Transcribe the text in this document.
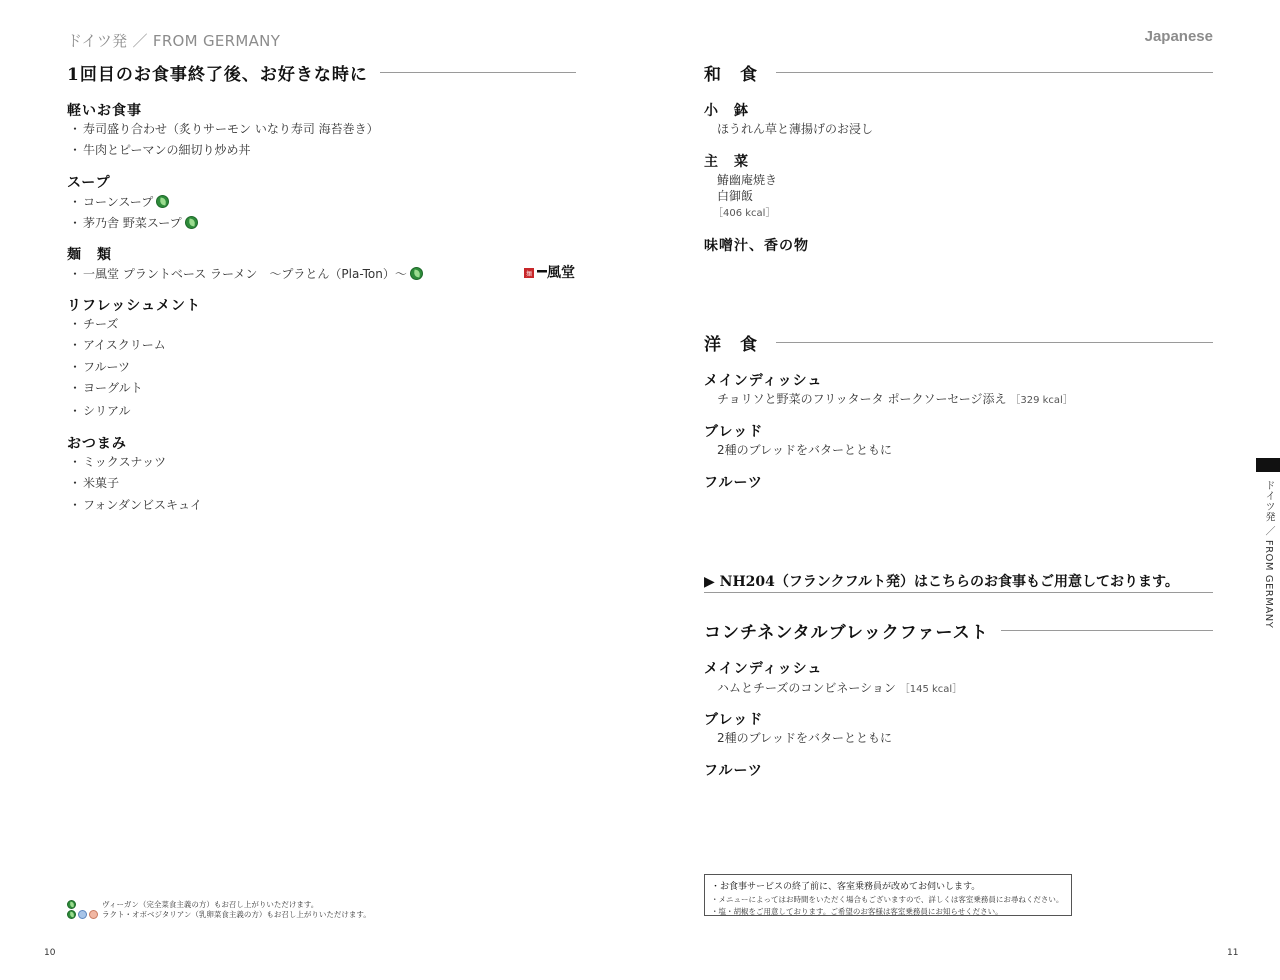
ドイツ発 ／ FROM GERMANY	Japanese
1回目のお食事終了後、お好きな時に
軽いお食事
・ 寿司盛り合わせ（炙りサーモン いなり寿司 海苔巻き）
・ 牛肉とピーマンの細切り炒め丼
スープ
・ コーンスープ
・ 茅乃舎 野菜スープ
麺　類
・ 一風堂 プラントベース ラーメン　～プラとん（Pla-Ton）～	麺 風堂
リフレッシュメント
・ チーズ
・ アイスクリーム
・ フルーツ
・ ヨーグルト
・ シリアル
おつまみ
・ ミックスナッツ
・ 米菓子
・ フォンダンビスキュイ
ヴィーガン（完全菜食主義の方）もお召し上がりいただけます。
ラクト・オボベジタリアン（乳卵菜食主義の方）もお召し上がりいただけます。
10
和　食
小　鉢
ほうれん草と薄揚げのお浸し
主　菜
鰆幽庵焼き
白御飯
［406 kcal］
味噌汁、香の物
洋　食
メインディッシュ
チョリソと野菜のフリッタータ ポークソーセージ添え ［329 kcal］
ブレッド
2種のブレッドをバターとともに
フルーツ
▶ NH204（フランクフルト発）はこちらのお食事もご用意しております。
コンチネンタルブレックファースト
メインディッシュ
ハムとチーズのコンビネーション ［145 kcal］
ブレッド
2種のブレッドをバターとともに
フルーツ
・お食事サービスの終了前に、客室乗務員が改めてお伺いします。
・メニューによってはお時間をいただく場合もございますので、詳しくは客室乗務員にお尋ねください。
・塩・胡椒をご用意しております。ご希望のお客様は客室乗務員にお知らせください。
ドイツ発 ／ FROM GERMANY
11
